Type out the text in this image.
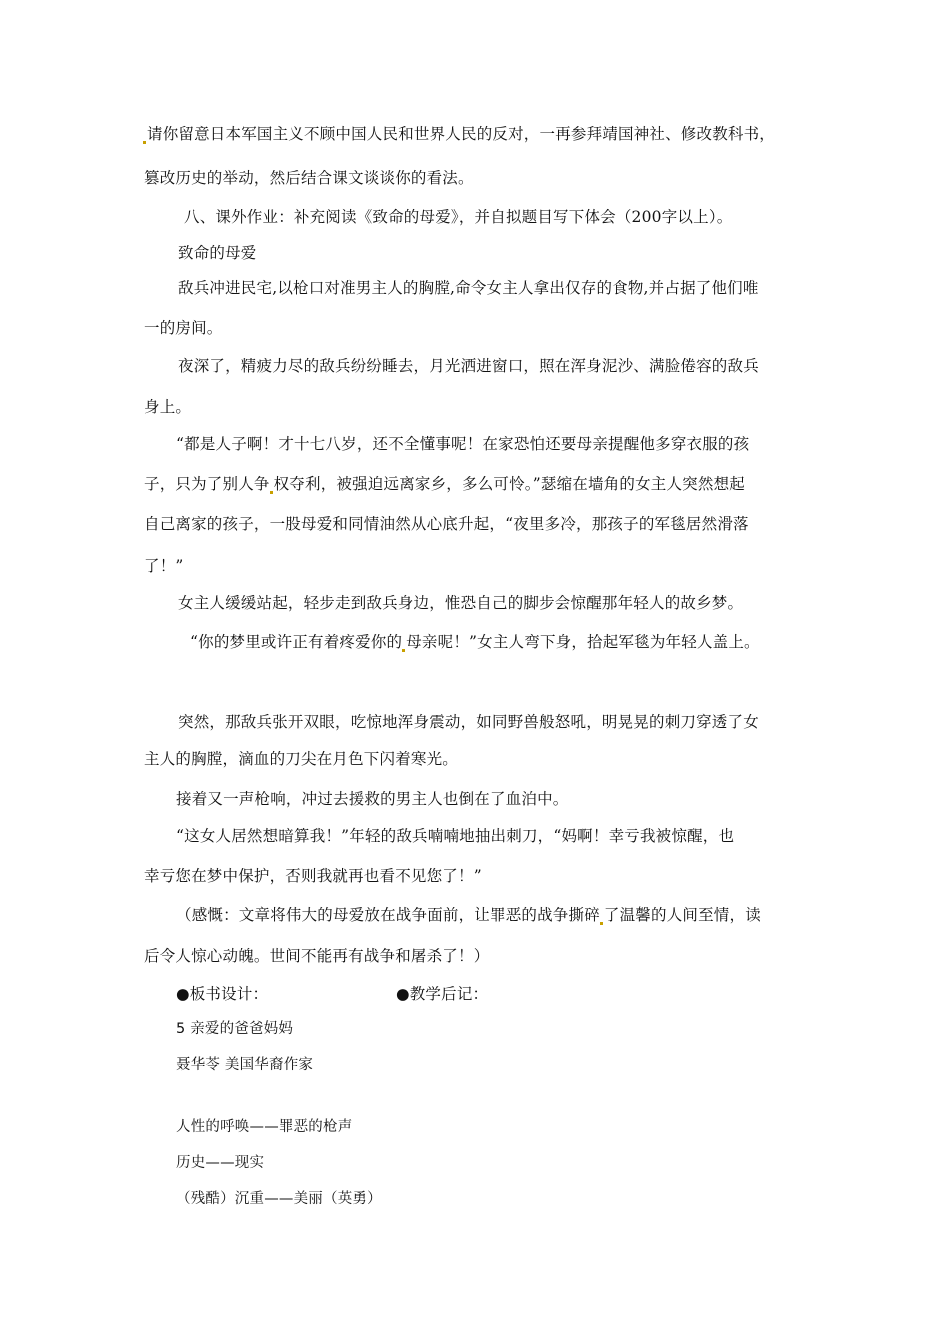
请你留意日本军国主义不顾中国人民和世界人民的反对，一再参拜靖国神社、修改教科书，
篡改历史的举动，然后结合课文谈谈你的看法。
八、课外作业：补充阅读《致命的母爱》，并自拟题目写下体会（200字以上）。
致命的母爱
敌兵冲进民宅,以枪口对准男主人的胸膛,命令女主人拿出仅存的食物,并占据了他们唯
一的房间。
夜深了，精疲力尽的敌兵纷纷睡去，月光洒进窗口，照在浑身泥沙、满脸倦容的敌兵
身上。
“都是人子啊！才十七八岁，还不全懂事呢！在家恐怕还要母亲提醒他多穿衣服的孩
子，只为了别人争 权夺利，被强迫远离家乡，多么可怜。”瑟缩在墙角的女主人突然想起
自己离家的孩子，一股母爱和同情油然从心底升起，“夜里多冷，那孩子的军毯居然滑落
了！”
女主人缓缓站起，轻步走到敌兵身边，惟恐自己的脚步会惊醒那年轻人的故乡梦。
“你的梦里或许正有着疼爱你的 母亲呢！”女主人弯下身，拾起军毯为年轻人盖上。
突然，那敌兵张开双眼，吃惊地浑身震动，如同野兽般怒吼，明晃晃的刺刀穿透了女
主人的胸膛，滴血的刀尖在月色下闪着寒光。
接着又一声枪响，冲过去援救的男主人也倒在了血泊中。
“这女人居然想暗算我！”年轻的敌兵喃喃地抽出刺刀，“妈啊！幸亏我被惊醒，也
幸亏您在梦中保护，否则我就再也看不见您了！”
（感慨：文章将伟大的母爱放在战争面前，让罪恶的战争撕碎 了温馨的人间至情，读
后令人惊心动魄。世间不能再有战争和屠杀了！）
●板书设计：	●教学后记：
5 亲爱的爸爸妈妈
聂华苓 美国华裔作家
人性的呼唤——罪恶的枪声
历史——现实
（残酷）沉重——美丽（英勇）
